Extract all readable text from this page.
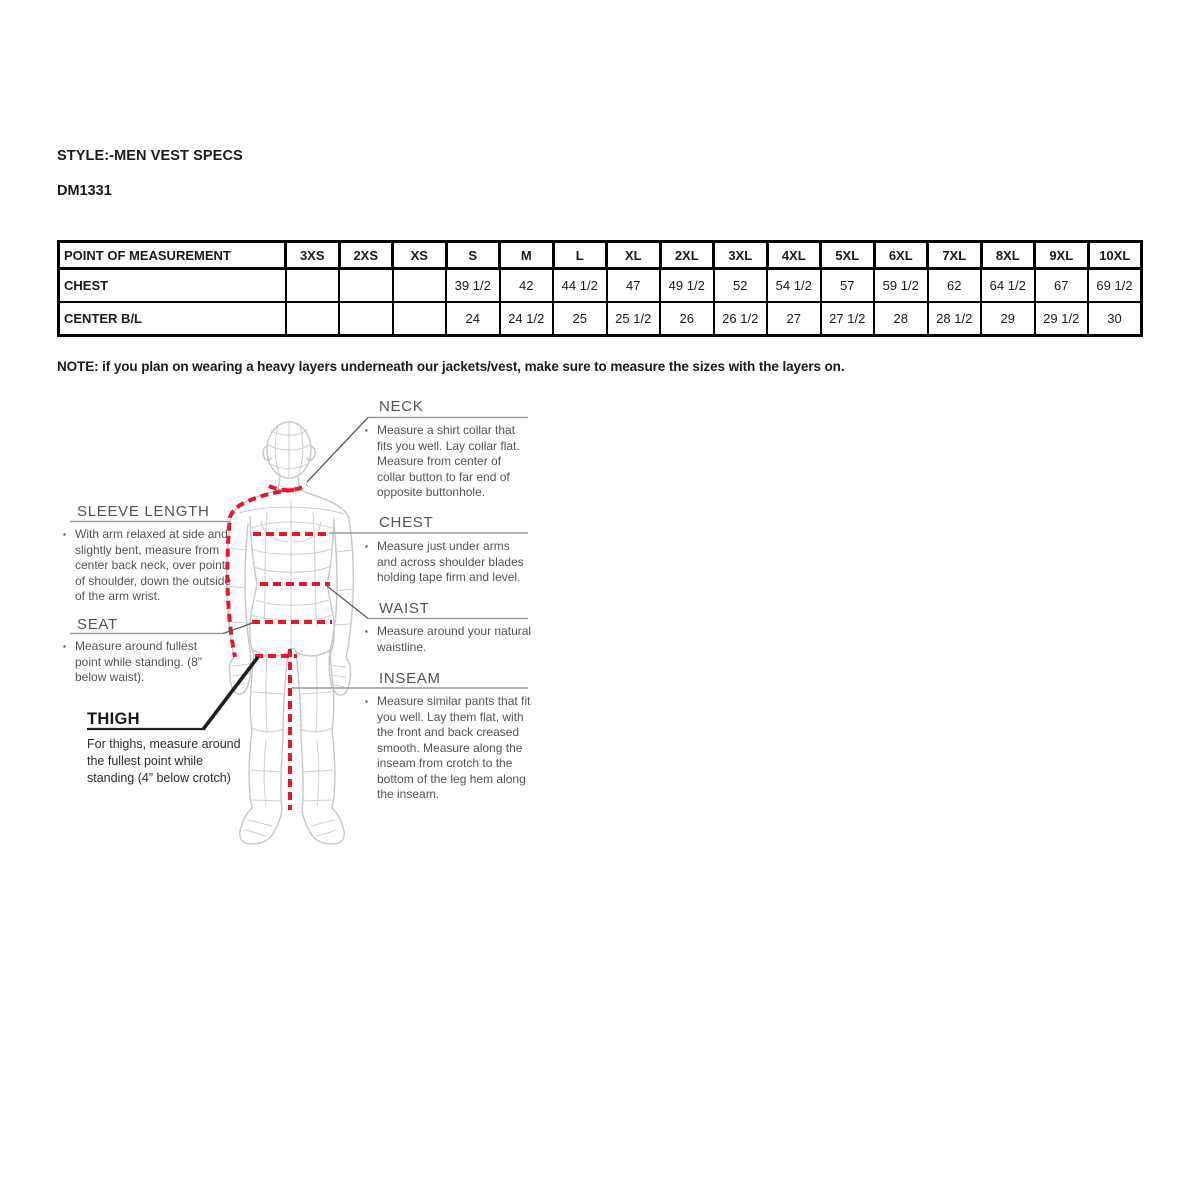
STYLE:-MEN VEST SPECS
DM1331
POINT OF MEASUREMENT	3XS	2XS	XS	S	M	L	XL	2XL	3XL	4XL	5XL	6XL	7XL	8XL	9XL	10XL
CHEST				39 1/2	42	44 1/2	47	49 1/2	52	54 1/2	57	59 1/2	62	64 1/2	67	69 1/2
CENTER B/L				24	24 1/2	25	25 1/2	26	26 1/2	27	27 1/2	28	28 1/2	29	29 1/2	30
NOTE: if you plan on wearing a heavy layers underneath our jackets/vest, make sure to measure the sizes with the layers on.
NECK
▪ Measure a shirt collar that fits you well. Lay collar flat. Measure from center of collar button to far end of opposite buttonhole.
SLEEVE LENGTH
▪ With arm relaxed at side and slightly bent, measure from center back neck, over point of shoulder, down the outside of the arm wrist.
CHEST
▪ Measure just under arms and across shoulder blades holding tape firm and level.
WAIST
▪ Measure around your natural waistline.
SEAT
▪ Measure around fullest point while standing. (8" below waist).	INSEAM
▪ Measure similar pants that fit you well. Lay them flat, with the front and back creased smooth. Measure along the inseam from crotch to the bottom of the leg hem along the inseam.
THIGH
For thighs, measure around the fullest point while standing (4” below crotch)
